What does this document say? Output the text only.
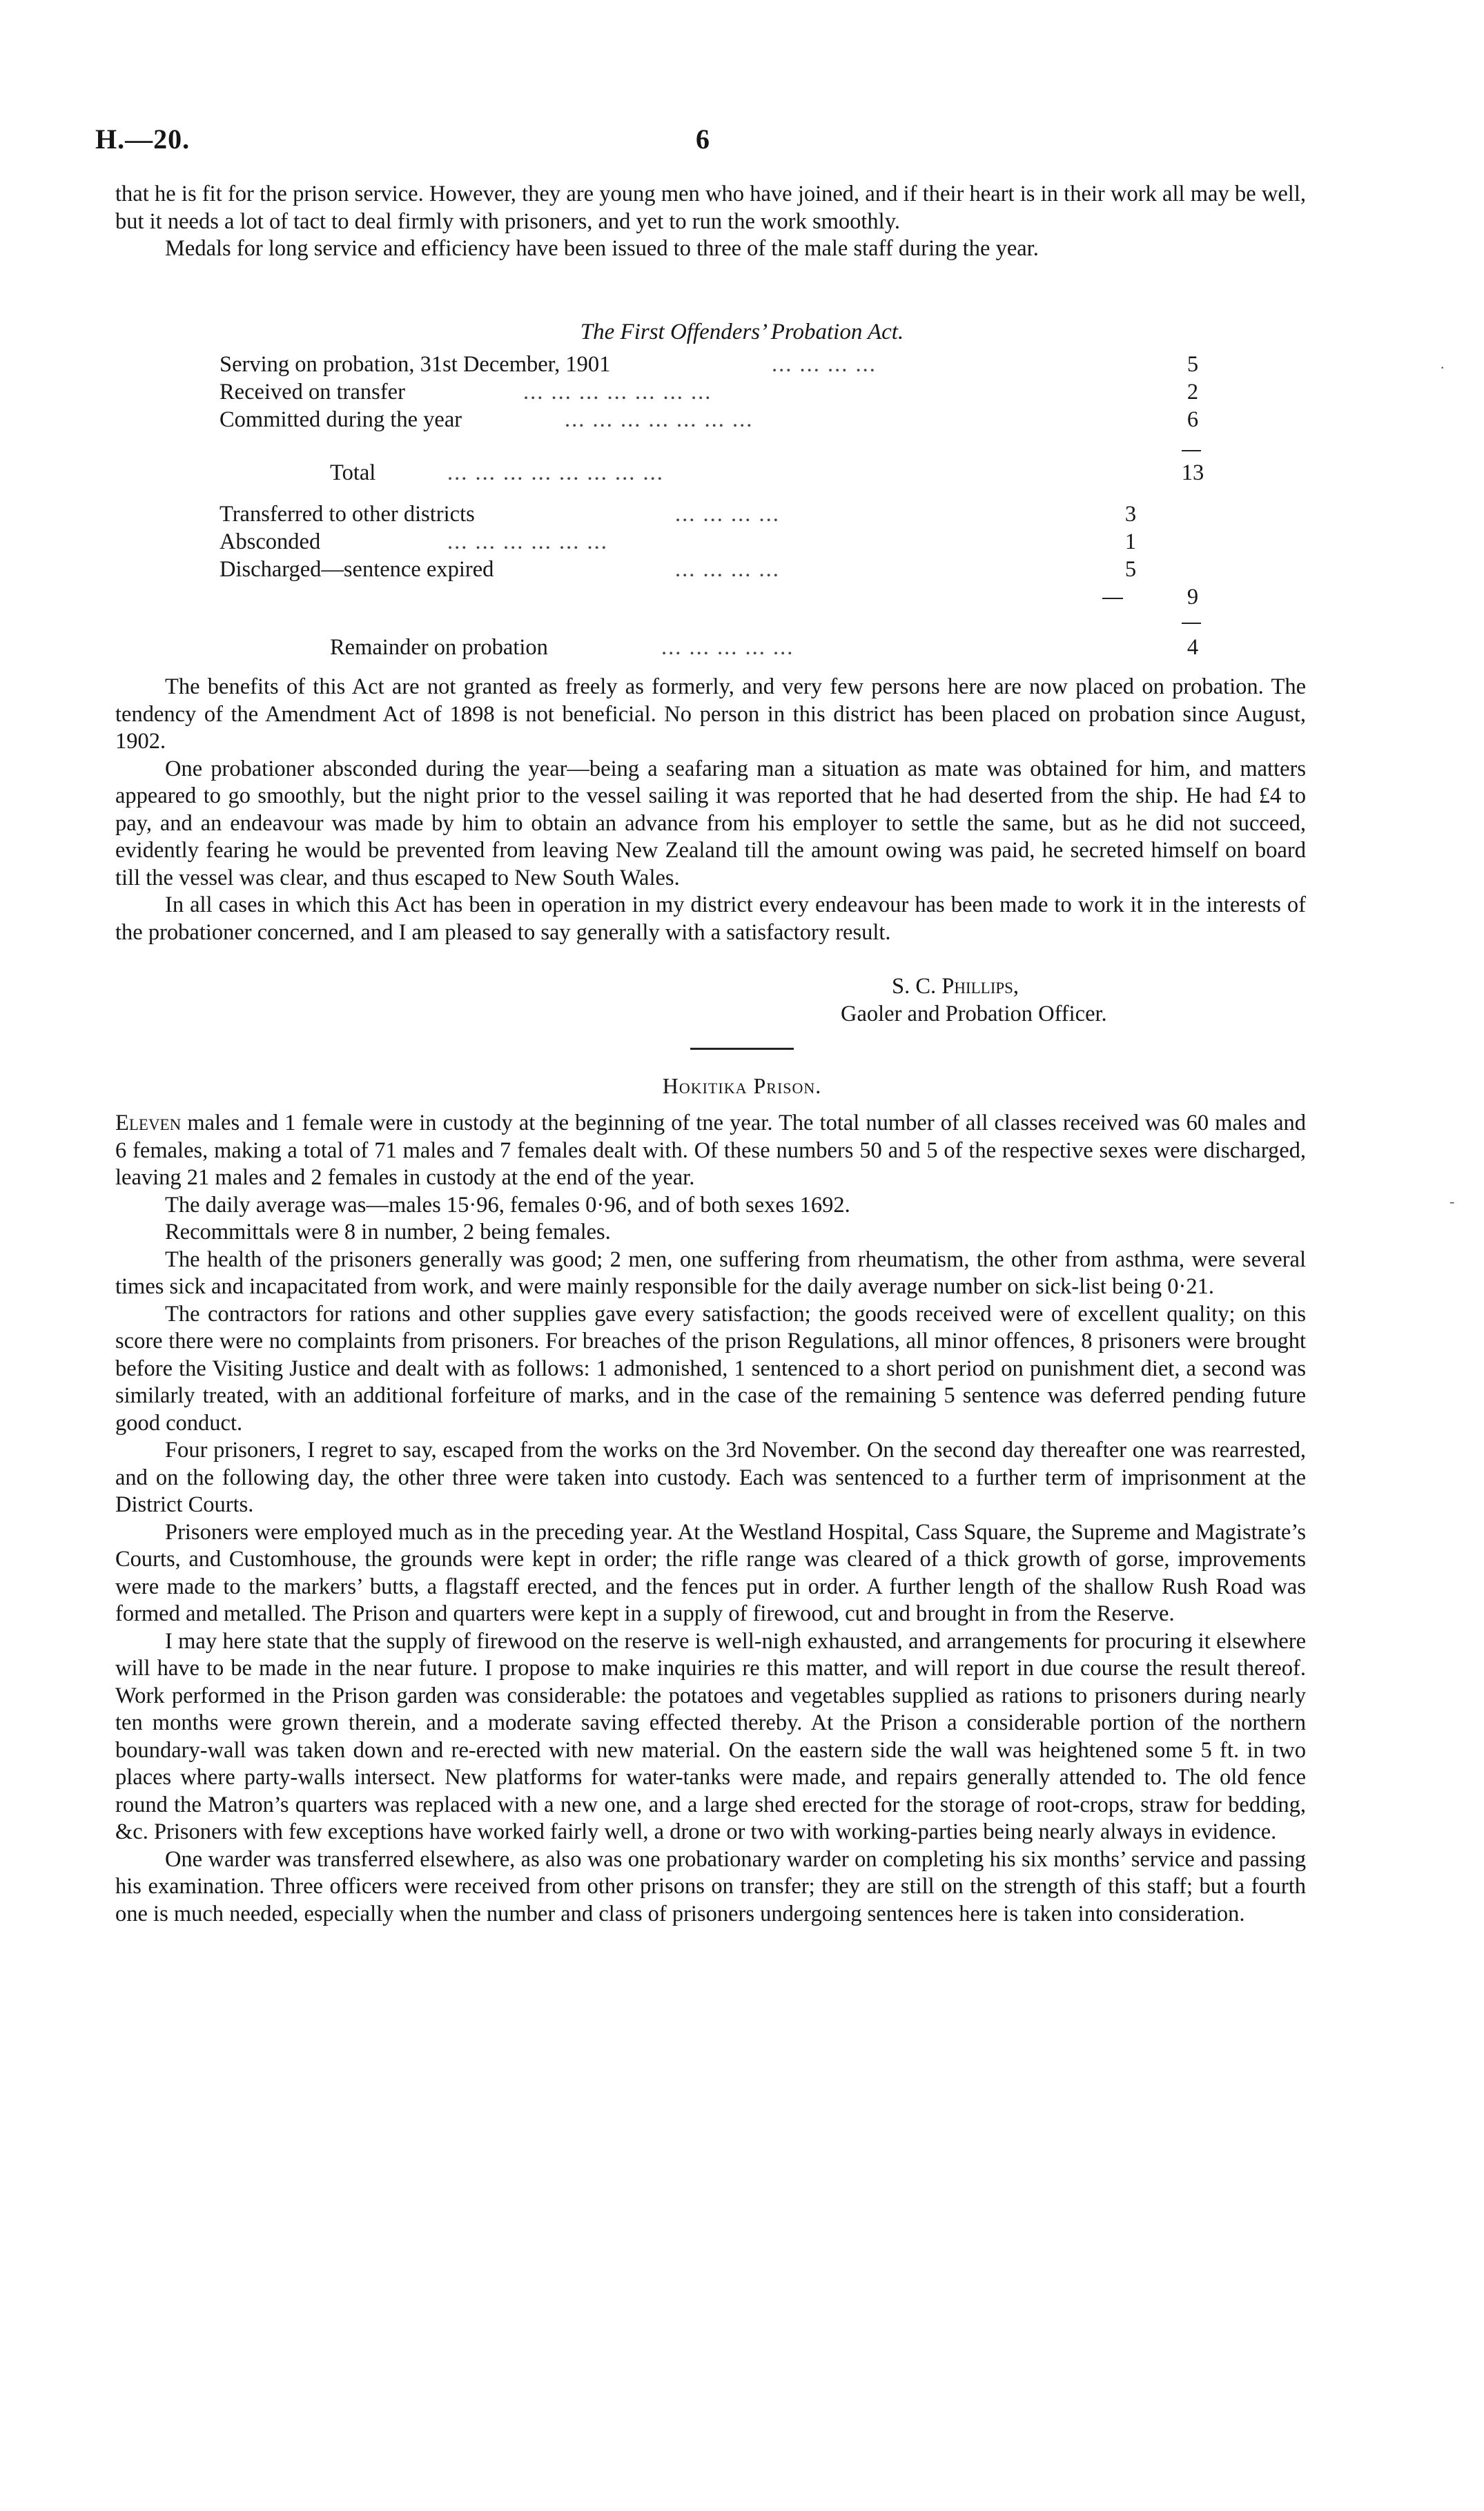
H.—20.	6

that he is fit for the prison service. However, they are young men who have joined, and if their heart is in their work all may be well, but it needs a lot of tact to deal firmly with prisoners, and yet to run the work smoothly.

Medals for long service and efficiency have been issued to three of the male staff during the year.

The First Offenders’ Probation Act.
Serving on probation, 31st December, 1901	... ... ... ...	5
Received on transfer	... ... ... ... ... ... ...	2
Committed during the year	... ... ... ... ... ... ...	6
Total	... ... ... ... ... ... ... ...	13
Transferred to other districts	... ... ... ...	3
Absconded	... ... ... ... ... ...	1
Discharged—sentence expired	... ... ... ...	5
9
Remainder on probation	... ... ... ... ...	4

The benefits of this Act are not granted as freely as formerly, and very few persons here are now placed on probation. The tendency of the Amendment Act of 1898 is not beneficial. No person in this district has been placed on probation since August, 1902.

One probationer absconded during the year—being a seafaring man a situation as mate was obtained for him, and matters appeared to go smoothly, but the night prior to the vessel sailing it was reported that he had deserted from the ship. He had £4 to pay, and an endeavour was made by him to obtain an advance from his employer to settle the same, but as he did not succeed, evidently fearing he would be prevented from leaving New Zealand till the amount owing was paid, he secreted himself on board till the vessel was clear, and thus escaped to New South Wales.

In all cases in which this Act has been in operation in my district every endeavour has been made to work it in the interests of the probationer concerned, and I am pleased to say generally with a satisfactory result.

S. C. Phillips,
Gaoler and Probation Officer.
Hokitika Prison.

Eleven males and 1 female were in custody at the beginning of tne year. The total number of all classes received was 60 males and 6 females, making a total of 71 males and 7 females dealt with. Of these numbers 50 and 5 of the respective sexes were discharged, leaving 21 males and 2 females in custody at the end of the year.

The daily average was—males 15·96, females 0·96, and of both sexes 1692.

Recommittals were 8 in number, 2 being females.

The health of the prisoners generally was good; 2 men, one suffering from rheumatism, the other from asthma, were several times sick and incapacitated from work, and were mainly responsible for the daily average number on sick-list being 0·21.

The contractors for rations and other supplies gave every satisfaction; the goods received were of excellent quality; on this score there were no complaints from prisoners. For breaches of the prison Regulations, all minor offences, 8 prisoners were brought before the Visiting Justice and dealt with as follows: 1 admonished, 1 sentenced to a short period on punishment diet, a second was similarly treated, with an additional forfeiture of marks, and in the case of the remaining 5 sentence was deferred pending future good conduct.

Four prisoners, I regret to say, escaped from the works on the 3rd November. On the second day thereafter one was rearrested, and on the following day, the other three were taken into custody. Each was sentenced to a further term of imprisonment at the District Courts.

Prisoners were employed much as in the preceding year. At the Westland Hospital, Cass Square, the Supreme and Magistrate’s Courts, and Customhouse, the grounds were kept in order; the rifle range was cleared of a thick growth of gorse, improvements were made to the markers’ butts, a flagstaff erected, and the fences put in order. A further length of the shallow Rush Road was formed and metalled. The Prison and quarters were kept in a supply of firewood, cut and brought in from the Reserve.

I may here state that the supply of firewood on the reserve is well-nigh exhausted, and arrangements for procuring it elsewhere will have to be made in the near future. I propose to make inquiries re this matter, and will report in due course the result thereof. Work performed in the Prison garden was considerable: the potatoes and vegetables supplied as rations to prisoners during nearly ten months were grown therein, and a moderate saving effected thereby. At the Prison a considerable portion of the northern boundary-wall was taken down and re-erected with new material. On the eastern side the wall was heightened some 5 ft. in two places where party-walls intersect. New platforms for water-tanks were made, and repairs generally attended to. The old fence round the Matron’s quarters was replaced with a new one, and a large shed erected for the storage of root-crops, straw for bedding, &c. Prisoners with few exceptions have worked fairly well, a drone or two with working-parties being nearly always in evidence.

One warder was transferred elsewhere, as also was one probationary warder on completing his six months’ service and passing his examination. Three officers were received from other prisons on transfer; they are still on the strength of this staff; but a fourth one is much needed, especially when the number and class of prisoners undergoing sentences here is taken into consideration.

·
‑
